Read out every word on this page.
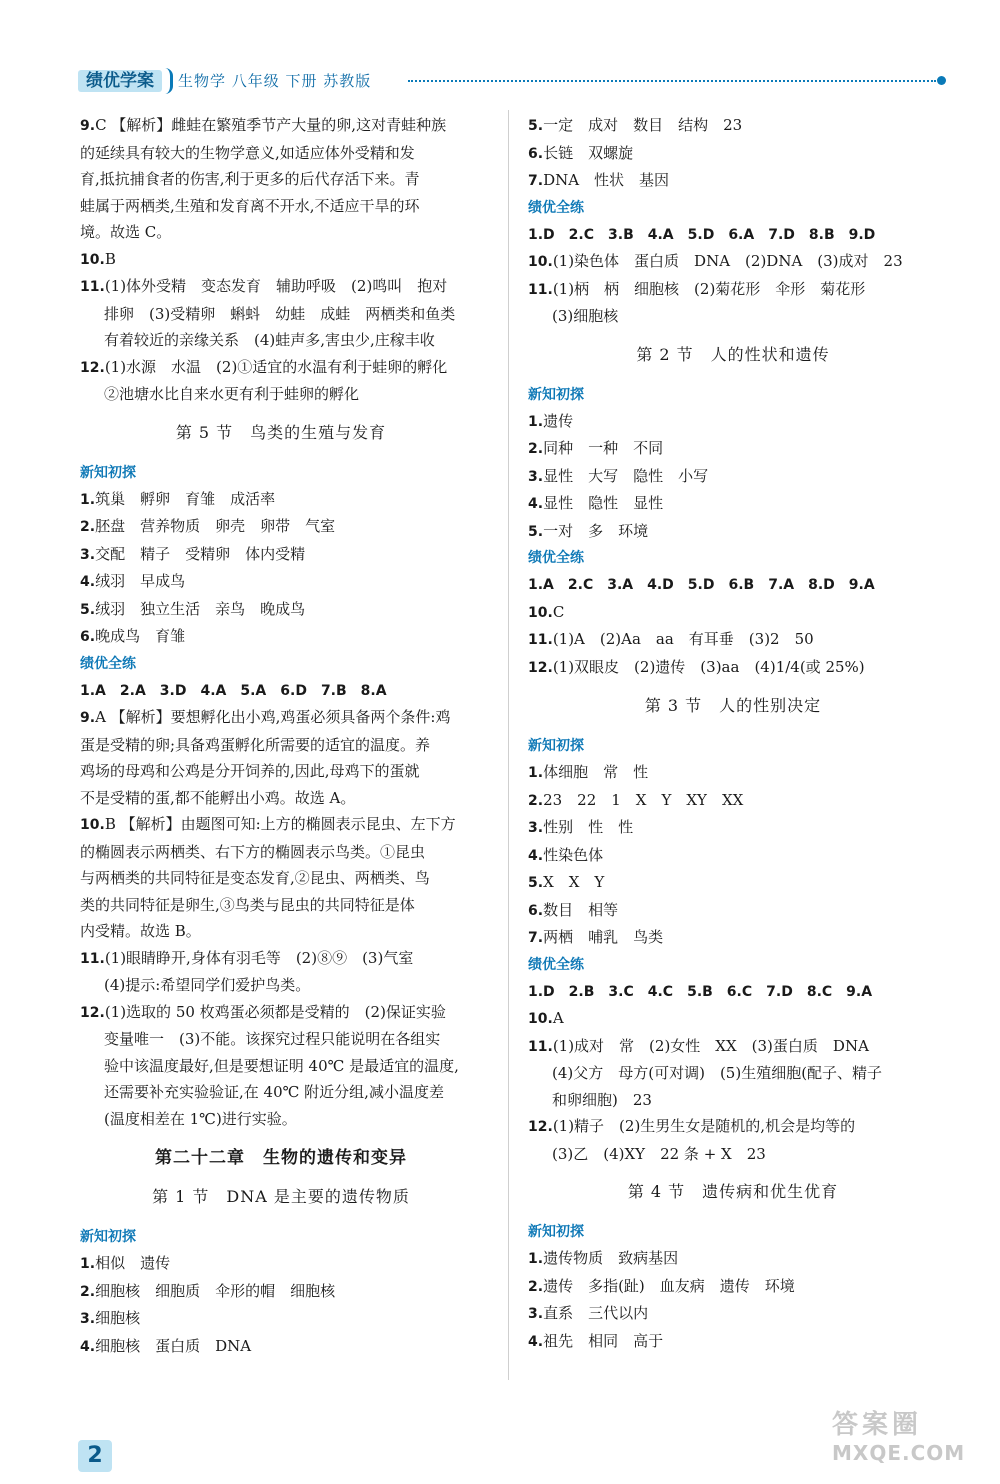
绩优学案	生物学 八年级 下册 苏教版
9.C 【解析】雌蛙在繁殖季节产大量的卵,这对青蛙种族
的延续具有较大的生物学意义,如适应体外受精和发
育,抵抗捕食者的伤害,利于更多的后代存活下来。青
蛙属于两栖类,生殖和发育离不开水,不适应干旱的环
境。故选 C。
10.B
11.(1)体外受精　变态发育　辅助呼吸　(2)鸣叫　抱对
排卵　(3)受精卵　蝌蚪　幼蛙　成蛙　两栖类和鱼类
有着较近的亲缘关系　(4)蛙声多,害虫少,庄稼丰收
12.(1)水源　水温　(2)①适宜的水温有利于蛙卵的孵化
②池塘水比自来水更有利于蛙卵的孵化
第 5 节　鸟类的生殖与发育
新知初探
1.筑巢　孵卵　育雏　成活率
2.胚盘　营养物质　卵壳　卵带　气室
3.交配　精子　受精卵　体内受精
4.绒羽　早成鸟
5.绒羽　独立生活　亲鸟　晚成鸟
6.晚成鸟　育雏
绩优全练
1.A　2.A　3.D　4.A　5.A　6.D　7.B　8.A
9.A 【解析】要想孵化出小鸡,鸡蛋必须具备两个条件:鸡
蛋是受精的卵;具备鸡蛋孵化所需要的适宜的温度。养
鸡场的母鸡和公鸡是分开饲养的,因此,母鸡下的蛋就
不是受精的蛋,都不能孵出小鸡。故选 A。
10.B 【解析】由题图可知:上方的椭圆表示昆虫、左下方
的椭圆表示两栖类、右下方的椭圆表示鸟类。①昆虫
与两栖类的共同特征是变态发育,②昆虫、两栖类、鸟
类的共同特征是卵生,③鸟类与昆虫的共同特征是体
内受精。故选 B。
11.(1)眼睛睁开,身体有羽毛等　(2)⑧⑨　(3)气室
(4)提示:希望同学们爱护鸟类。
12.(1)选取的 50 枚鸡蛋必须都是受精的　(2)保证实验
变量唯一　(3)不能。该探究过程只能说明在各组实
验中该温度最好,但是要想证明 40℃ 是最适宜的温度,
还需要补充实验验证,在 40℃ 附近分组,减小温度差
(温度相差在 1℃)进行实验。
第二十二章　生物的遗传和变异
第 1 节　DNA 是主要的遗传物质
新知初探
1.相似　遗传
2.细胞核　细胞质　伞形的帽　细胞核
3.细胞核
4.细胞核　蛋白质　DNA
5.一定　成对　数目　结构　23
6.长链　双螺旋
7.DNA　性状　基因
绩优全练
1.D　2.C　3.B　4.A　5.D　6.A　7.D　8.B　9.D
10.(1)染色体　蛋白质　DNA　(2)DNA　(3)成对　23
11.(1)柄　柄　细胞核　(2)菊花形　伞形　菊花形
(3)细胞核
第 2 节　人的性状和遗传
新知初探
1.遗传
2.同种　一种　不同
3.显性　大写　隐性　小写
4.显性　隐性　显性
5.一对　多　环境
绩优全练
1.A　2.C　3.A　4.D　5.D　6.B　7.A　8.D　9.A
10.C
11.(1)A　(2)Aa　aa　有耳垂　(3)2　50
12.(1)双眼皮　(2)遗传　(3)aa　(4)1/4(或 25%)
第 3 节　人的性别决定
新知初探
1.体细胞　常　性
2.23　22　1　X　Y　XY　XX
3.性别　性　性
4.性染色体
5.X　X　Y
6.数目　相等
7.两栖　哺乳　鸟类
绩优全练
1.D　2.B　3.C　4.C　5.B　6.C　7.D　8.C　9.A
10.A
11.(1)成对　常　(2)女性　XX　(3)蛋白质　DNA
(4)父方　母方(可对调)　(5)生殖细胞(配子、精子
和卵细胞)　23
12.(1)精子　(2)生男生女是随机的,机会是均等的
(3)乙　(4)XY　22 条 + X　23
第 4 节　遗传病和优生优育
新知初探
1.遗传物质　致病基因
2.遗传　多指(趾)　血友病　遗传　环境
3.直系　三代以内
4.祖先　相同　高于
2
答案圈
MXQE.COM
